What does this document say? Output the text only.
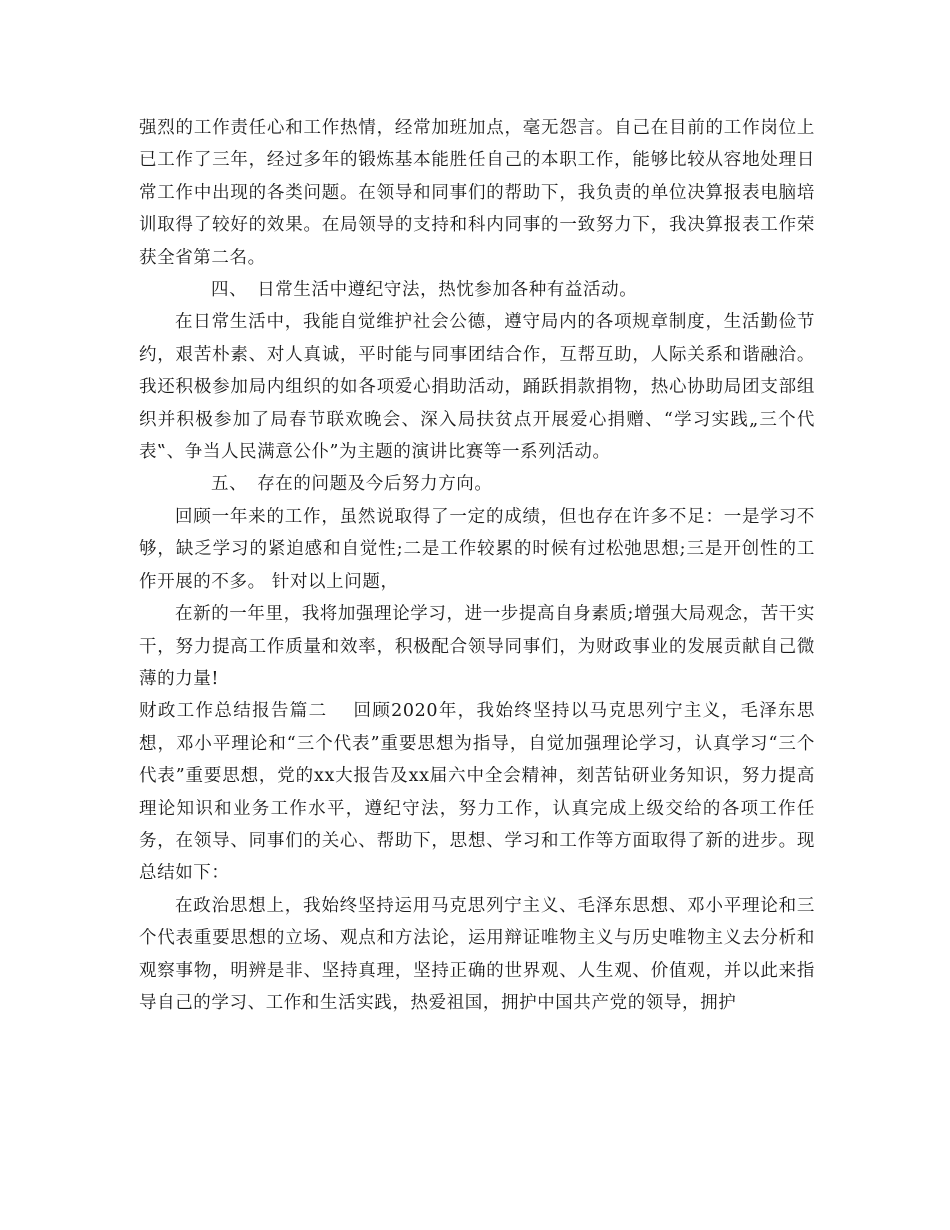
强烈的工作责任心和工作热情，经常加班加点，毫无怨言。自己在目前的工作岗位上已工作了三年，经过多年的锻炼基本能胜任自己的本职工作，能够比较从容地处理日常工作中出现的各类问题。在领导和同事们的帮助下，我负责的单位决算报表电脑培训取得了较好的效果。在局领导的支持和科内同事的一致努力下，我决算报表工作荣获全省第二名。

四、 日常生活中遵纪守法，热忱参加各种有益活动。

在日常生活中，我能自觉维护社会公德，遵守局内的各项规章制度，生活勤俭节约，艰苦朴素、对人真诚，平时能与同事团结合作，互帮互助，人际关系和谐融洽。我还积极参加局内组织的如各项爱心捐助活动，踊跃捐款捐物，热心协助局团支部组织并积极参加了局春节联欢晚会、深入局扶贫点开展爱心捐赠、“学习实践„三个代表‟、争当人民满意公仆”为主题的演讲比赛等一系列活动。

五、 存在的问题及今后努力方向。

回顾一年来的工作，虽然说取得了一定的成绩，但也存在许多不足：一是学习不够，缺乏学习的紧迫感和自觉性;二是工作较累的时候有过松弛思想;三是开创性的工作开展的不多。 针对以上问题，

在新的一年里，我将加强理论学习，进一步提高自身素质;增强大局观念，苦干实干，努力提高工作质量和效率，积极配合领导同事们，为财政事业的发展贡献自己微薄的力量!

财政工作总结报告篇二 回顾2020年，我始终坚持以马克思列宁主义，毛泽东思想，邓小平理论和“三个代表”重要思想为指导，自觉加强理论学习，认真学习“三个代表”重要思想，党的xx大报告及xx届六中全会精神，刻苦钻研业务知识，努力提高理论知识和业务工作水平，遵纪守法，努力工作，认真完成上级交给的各项工作任务，在领导、同事们的关心、帮助下，思想、学习和工作等方面取得了新的进步。现总结如下：

在政治思想上，我始终坚持运用马克思列宁主义、毛泽东思想、邓小平理论和三个代表重要思想的立场、观点和方法论，运用辩证唯物主义与历史唯物主义去分析和观察事物，明辨是非、坚持真理，坚持正确的世界观、人生观、价值观，并以此来指导自己的学习、工作和生活实践，热爱祖国，拥护中国共产党的领导，拥护
